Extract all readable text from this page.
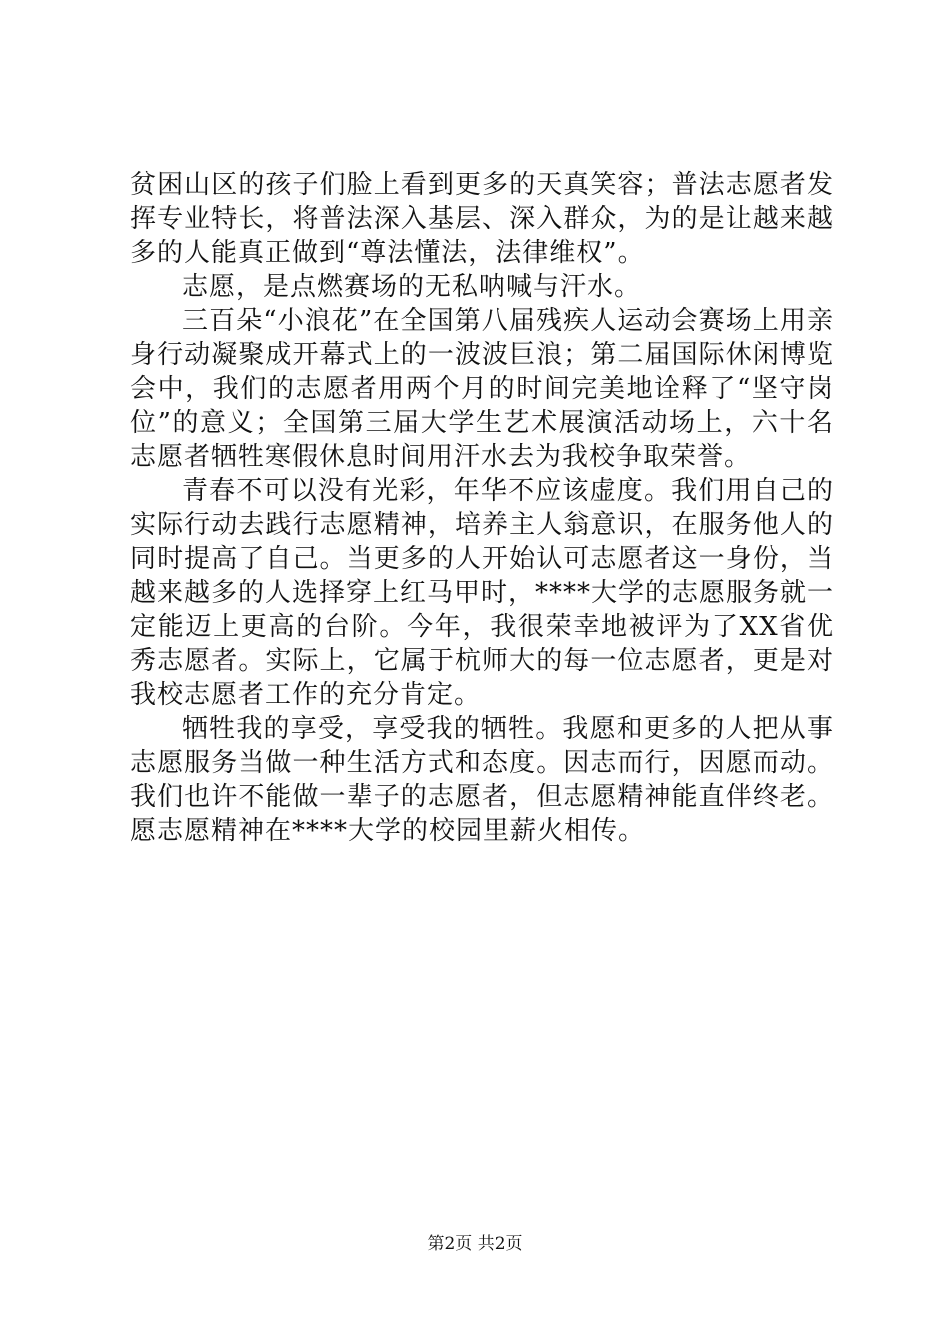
贫困山区的孩子们脸上看到更多的天真笑容；普法志愿者发挥专业特长，将普法深入基层、深入群众，为的是让越来越多的人能真正做到“尊法懂法，法律维权”。

志愿，是点燃赛场的无私呐喊与汗水。

三百朵“小浪花”在全国第八届残疾人运动会赛场上用亲身行动凝聚成开幕式上的一波波巨浪；第二届国际休闲博览会中，我们的志愿者用两个月的时间完美地诠释了“坚守岗位”的意义；全国第三届大学生艺术展演活动场上，六十名志愿者牺牲寒假休息时间用汗水去为我校争取荣誉。

青春不可以没有光彩，年华不应该虚度。我们用自己的实际行动去践行志愿精神，培养主人翁意识，在服务他人的同时提高了自己。当更多的人开始认可志愿者这一身份，当越来越多的人选择穿上红马甲时，****大学的志愿服务就一定能迈上更高的台阶。今年，我很荣幸地被评为了XX省优秀志愿者。实际上，它属于杭师大的每一位志愿者，更是对我校志愿者工作的充分肯定。

牺牲我的享受，享受我的牺牲。我愿和更多的人把从事志愿服务当做一种生活方式和态度。因志而行，因愿而动。我们也许不能做一辈子的志愿者，但志愿精神能直伴终老。愿志愿精神在****大学的校园里薪火相传。

第2页 共2页
